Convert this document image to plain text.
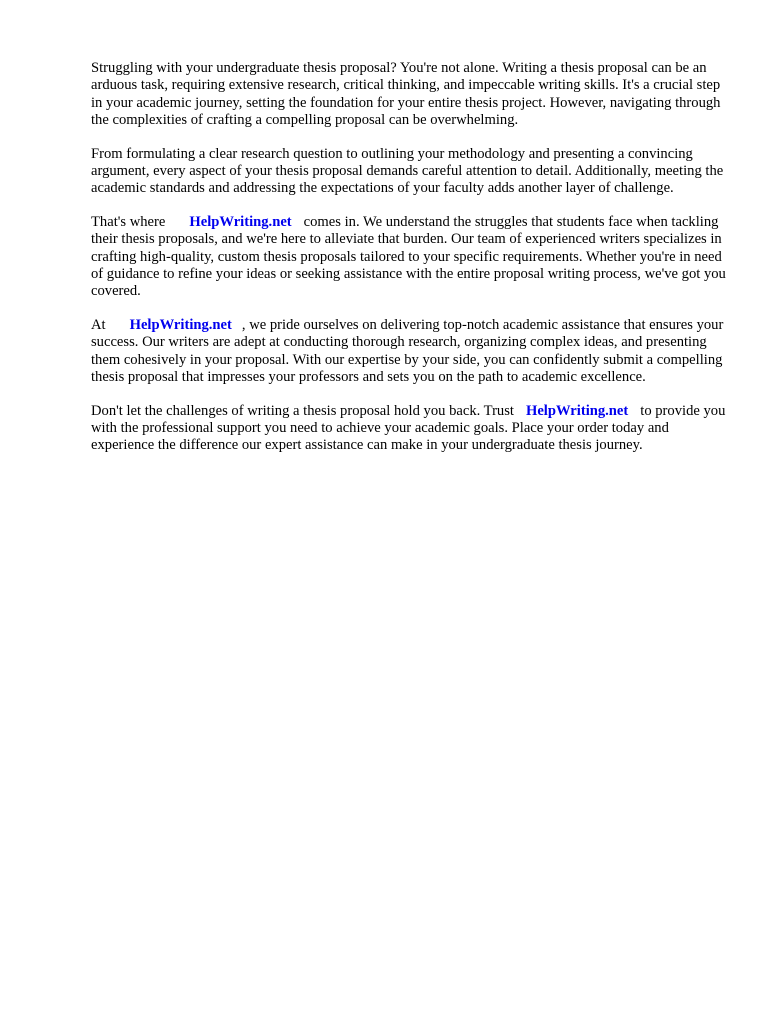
Struggling with your undergraduate thesis proposal? You're not alone. Writing a thesis proposal can be an arduous task, requiring extensive research, critical thinking, and impeccable writing skills. It's a crucial step in your academic journey, setting the foundation for your entire thesis project. However, navigating through the complexities of crafting a compelling proposal can be overwhelming.

From formulating a clear research question to outlining your methodology and presenting a convincing argument, every aspect of your thesis proposal demands careful attention to detail. Additionally, meeting the academic standards and addressing the expectations of your faculty adds another layer of challenge.

That's where HelpWriting.net comes in. We understand the struggles that students face when tackling their thesis proposals, and we're here to alleviate that burden. Our team of experienced writers specializes in crafting high-quality, custom thesis proposals tailored to your specific requirements. Whether you're in need of guidance to refine your ideas or seeking assistance with the entire proposal writing process, we've got you covered.

At HelpWriting.net , we pride ourselves on delivering top-notch academic assistance that ensures your success. Our writers are adept at conducting thorough research, organizing complex ideas, and presenting them cohesively in your proposal. With our expertise by your side, you can confidently submit a compelling thesis proposal that impresses your professors and sets you on the path to academic excellence.

Don't let the challenges of writing a thesis proposal hold you back. Trust HelpWriting.net to provide you with the professional support you need to achieve your academic goals. Place your order today and experience the difference our expert assistance can make in your undergraduate thesis journey.
